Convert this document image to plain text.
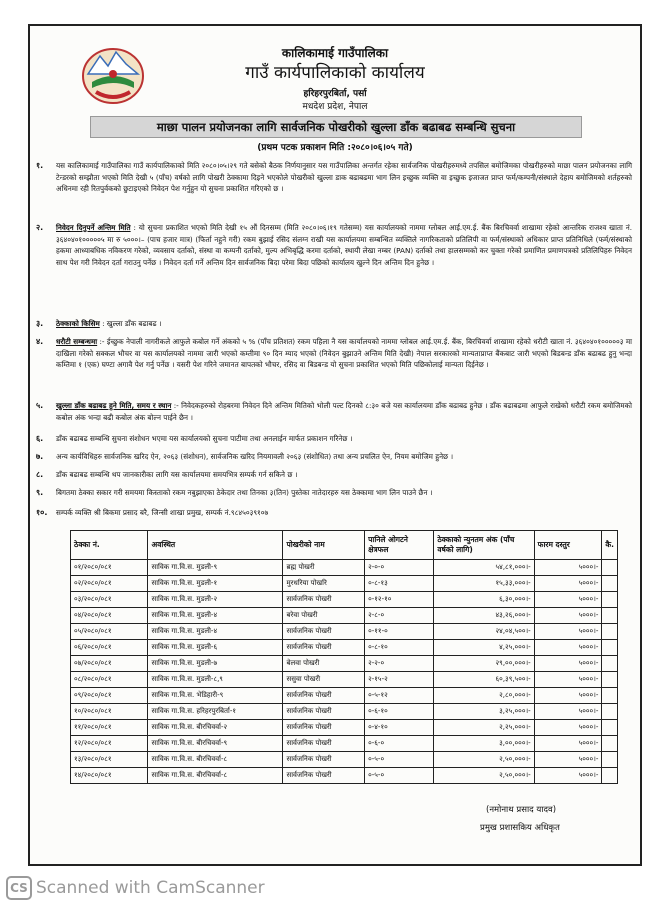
कालिकामाई गाउँपालिका
गाउँ कार्यपालिकाको कार्यालय
हरिहरपुरबिर्ता, पर्सा
मधदेश प्रदेश, नेपाल
माछा पालन प्रयोजनका लागि सार्वजनिक पोखरीको खुल्ला डाँक बढाबढ सम्बन्धि सुचना
(प्रथम पटक प्रकाशन मिति :२०८०।०६।०५ गते)
१. यस कालिकामाई गाउँपालिका गाउँ कार्यपालिकाको मिति २०८०।०५।२९ गते बसेको बैठक निर्णयानुसार यस गाउँपालिका अन्तर्गत रहेका सार्वजनिक पोखरीहरुमध्ये तपसिल बमोजिमका पोखरीहरुको माछा पालन प्रयोजनका लागि टेन्डरको सम्झौता भएको मिति देखी ५ (पाँच) वर्षको लागि पोखरी ठेक्कामा दिइने भएकोले पोखरीको खुल्ला डाक बढाबढमा भाग लिन इच्छुक व्यक्ति वा इच्छुक इजाजत प्राप्त फर्म/कम्पनी/संस्थाले देहाय बमोजिमको शर्तहरुको अधिनमा रही रितपुर्वकको छुटाइएको निवेदन पेश गर्नुहुन यो सुचना प्रकाशित गरिएको छ ।
२. निवेदन दिनुपर्ने अन्तिम मिति : यो सुचना प्रकाशित भएको मिति देखी १५ औं दिनसम्म (मिति २०८०।०६।१९ गतेसम्म) यस कार्यालयको नाममा ग्लोबल आई.एम.ई. बैंक बिरचिवर्वा शाखामा रहेको आन्तरिक राजश्व खाता नं. ३६४०४०१०००००५ मा रु ५०००।– (पाच हजार मात्र) (फिर्ता नहुने गरी) रकम बुझाई रसिद संलग्न राखी यस कार्यालयमा सम्बन्धित व्यक्तिले नागरिकताको प्रतिलिपी वा फर्म/संस्थाको अधिकार प्राप्त प्रतिनिधिले (फर्म/संस्थाको हकमा आध्याबधिक नविकरण गरेको, व्यवसाय दर्ताको, संस्था वा कम्पनी दर्ताको, मुल्य अभिबृद्धि करमा दर्ताको, स्थायी लेखा नम्बर (PAN) दर्ताको तथा हालसम्मको कर चुक्ता गरेको प्रमाणित प्रमाणपत्रको प्रतिलिपिहरु निवेदन साथ पेश गरी निवेदन दर्ता गराउनु पर्नेछ । निवेदन दर्ता गर्ने अन्तिम दिन सार्वजनिक बिदा परेमा बिदा पछिको कार्यालय खुल्ने दिन अन्तिम दिन हुनेछ ।
३. ठेक्काको किसिम : खुल्ला डाँक बढाबढ ।
४. धरौटी सम्बन्धमा :- ईच्छुक नेपाली नागरीकले आफुले कबोल गर्ने अंकको ५ % (पाँच प्रतिशत) रकम पहिला नै यस कार्यालयको नाममा ग्लोबल आई.एम.ई. बैंक, बिरचिवर्वा शाखामा रहेको धरौटी खाता नं. ३६४०४०१०००००३ मा दाखिला गरेको सक्कल भौचर वा यस कार्यालयको नाममा जारी भएको कम्तीमा ९० दिन म्याद भएको (निवेदन बुझाउने अन्तिम मिति देखी) नेपाल सरकारको मान्यताप्राप्त बैंकबाट जारी भएको बिडबन्ड डाँक बढाबढ हुनु भन्दा कम्तिमा १ (एक) घण्टा अगावै पेश गर्नु पर्नेछ । यसरी पेश गरिने जमानत बापतको भौचर, रसिद वा बिडबन्ड यो सुचना प्रकाशित भएको मिति पछिकोलाई मान्यता दिईनेछ ।
५. खुल्ला डाँक बढाबढ हुने मिति, समय र स्थान :- निवेदकहरुको रोहबरमा निवेदन दिने अन्तिम मितिको भोली पल्ट दिनको ८:३० बजे यस कार्यालयमा डाँक बढाबढ हुनेछ । डाँक बढाबढमा आफुले राखेको धरौटी रकम बमोजिमको कबोल अंक भन्दा बढी कबोल अंक बोल्न पाईने छैन ।
६. डाँक बढाबढ सम्बन्धि सुचना संशोधन भएमा यस कार्यालयको सुचना पाटीमा तथा अनलाईन मार्फत प्रकाशन गरिनेछ ।
७. अन्य कार्यविधिहरु सार्वजनिक खरिद ऐन, २०६३ (संशोधन), सार्वजनिक खरिद नियमावली २०६३ (संशोधित) तथा अन्य प्रचलित ऐन, नियम बमोजिम हुनेछ ।
८. डाँक बढाबढ सम्बन्धि थप जानकारीका लागि यस कार्यालयमा समयभित्र सम्पर्क गर्न सकिने छ ।
९. बिगतमा ठेक्का सकार गरी समयमा किस्ताको रकम नबुझाएका ठेकेदार तथा तिनका ३(तिन) पुस्तेका नातेदारहरु यस ठेक्कामा भाग लिन पाउने छैन ।
१०. सम्पर्क व्यक्ति श्री बिकमा प्रसाद बरै, जिन्सी शाखा प्रमुख, सम्पर्क नं.९८४५०३९१०७
ठेक्का नं.	अवस्थित	पोखरीको नाम	पानिले ओगटने क्षेत्रफल	ठेक्काको न्युनतम अंक (पाँच वर्षको लागि)	फारम दस्तुर	कै.
०१/२०८०/०८१	साविक गा.वि.स. मुडली-९	ब्रह्म पोखरी	२-०-०	५४,८१,०००।-	५०००।-	
०२/२०८०/०८१	साविक गा.वि.स. मुडली-१	मुरधरिया पोखरि	०-८-१३	१५,३३,०००।-	५०००।-	
०३/२०८०/०८१	साविक गा.वि.स. मुडली-२	सार्वजनिक पोखरी	०-१२-१०	६,३०,०००।-	५०००।-	
०४/२०८०/०८१	साविक गा.वि.स. मुडली-४	बरेवा पोखरी	२-८-०	४३,२६,०००।-	५०००।-	
०५/२०८०/०८१	साविक गा.वि.स. मुडली-४	सार्वजनिक पोखरी	०-११-०	२४,०४,५००।-	५०००।-	
०६/२०८०/०८१	साविक गा.वि.स. मुडली-६	सार्वजनिक पोखरी	०-८-१०	४,२५,०००।-	५०००।-	
०७/२०८०/०८१	साविक गा.वि.स. मुडली-७	बेलवा पोखरी	२-२-०	२९,००,०००।-	५०००।-	
०८/२०८०/०८१	साविक गा.वि.स. मुडली-८,९	ससुवा पोखरी	२-१५-२	६०,३९,५००।-	५०००।-	
०९/२०८०/०८१	साविक गा.वि.स. भेडिहारी-९	सार्वजनिक पोखरी	०-५-१२	२,८०,०००।-	५०००।-	
१०/२०८०/०८१	साविक गा.वि.स. हरिहरपुरबिर्ता-१	सार्वजनिक पोखरी	०-६-१०	३,२५,०००।-	५०००।-	
११/२०८०/०८१	साविक गा.वि.स. बीरचिवर्वा-२	सार्वजनिक पोखरी	०-४-१०	२,२५,०००।-	५०००।-	
१२/२०८०/०८१	साविक गा.वि.स. बीरचिवर्वा-९	सार्वजनिक पोखरी	०-६-०	३,००,०००।-	५०००।-	
१३/२०८०/०८१	साविक गा.वि.स. बीरचिवर्वा-८	सार्वजनिक पोखरी	०-५-०	२,५०,०००।-	५०००।-	
१४/२०८०/०८१	साविक गा.वि.स. बीरचिवर्वा-८	सार्वजनिक पोखरी	०-५-०	२,५०,०००।-	५०००।-	
(नमोनाथ प्रसाद यादव)
प्रमुख प्रशासकिय अधिकृत
CS Scanned with CamScanner
